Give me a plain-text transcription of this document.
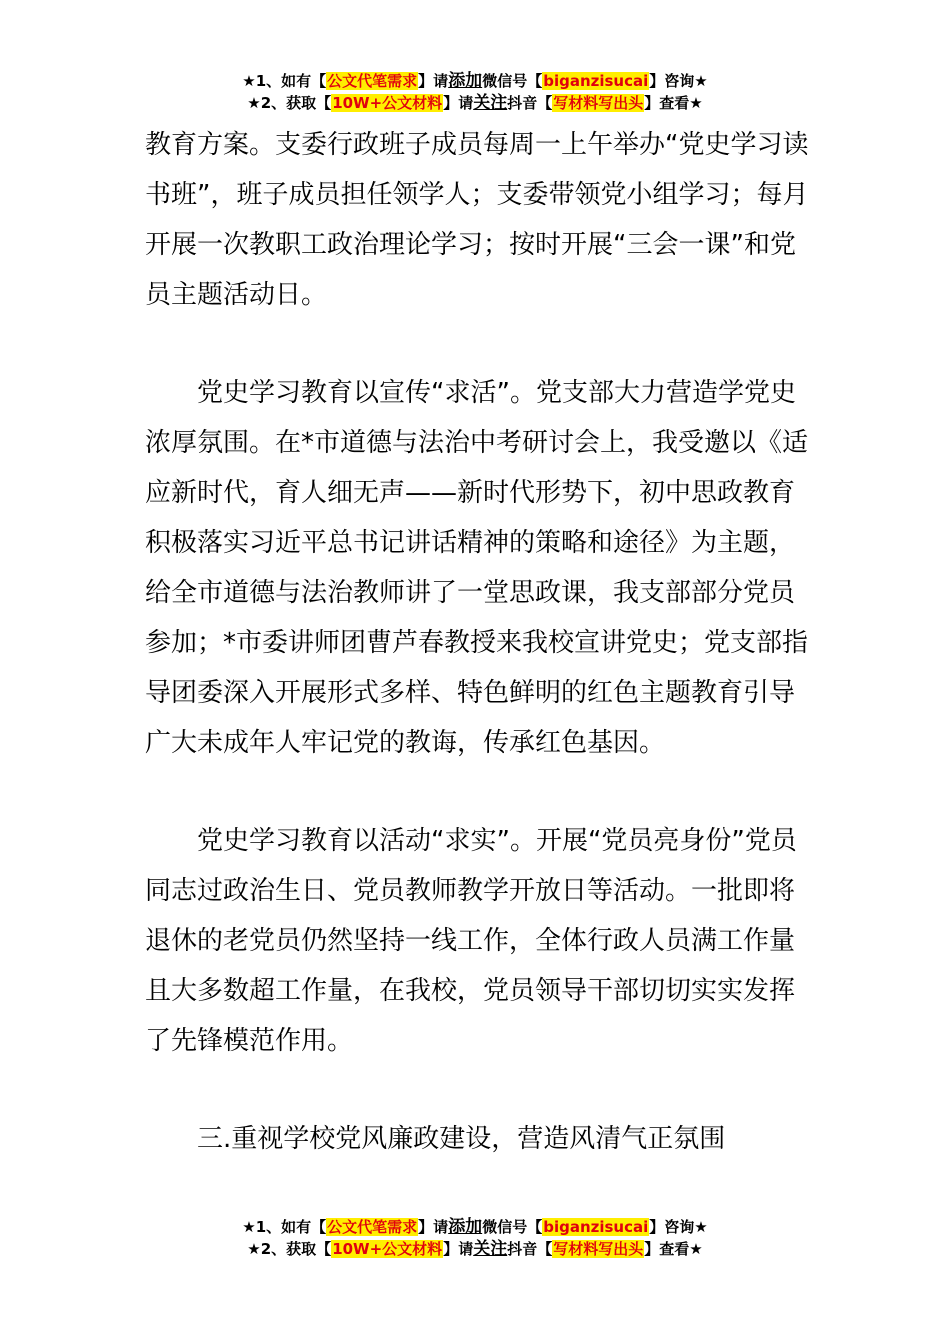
★1、如有【公文代笔需求】请添加微信号【biganzisucai】咨询★
★2、获取【10W+公文材料】请关注抖音【写材料写出头】查看★

教育方案。支委行政班子成员每周一上午举办“党史学习读书班”，班子成员担任领学人；支委带领党小组学习；每月开展一次教职工政治理论学习；按时开展“三会一课”和党员主题活动日。

党史学习教育以宣传“求活”。党支部大力营造学党史浓厚氛围。在*市道德与法治中考研讨会上，我受邀以《适应新时代，育人细无声——新时代形势下，初中思政教育积极落实习近平总书记讲话精神的策略和途径》为主题，给全市道德与法治教师讲了一堂思政课，我支部部分党员参加；*市委讲师团曹芦春教授来我校宣讲党史；党支部指导团委深入开展形式多样、特色鲜明的红色主题教育引导广大未成年人牢记党的教诲，传承红色基因。

党史学习教育以活动“求实”。开展“党员亮身份”党员同志过政治生日、党员教师教学开放日等活动。一批即将退休的老党员仍然坚持一线工作，全体行政人员满工作量且大多数超工作量，在我校，党员领导干部切切实实发挥了先锋模范作用。

三.重视学校党风廉政建设，营造风清气正氛围

★1、如有【公文代笔需求】请添加微信号【biganzisucai】咨询★
★2、获取【10W+公文材料】请关注抖音【写材料写出头】查看★
